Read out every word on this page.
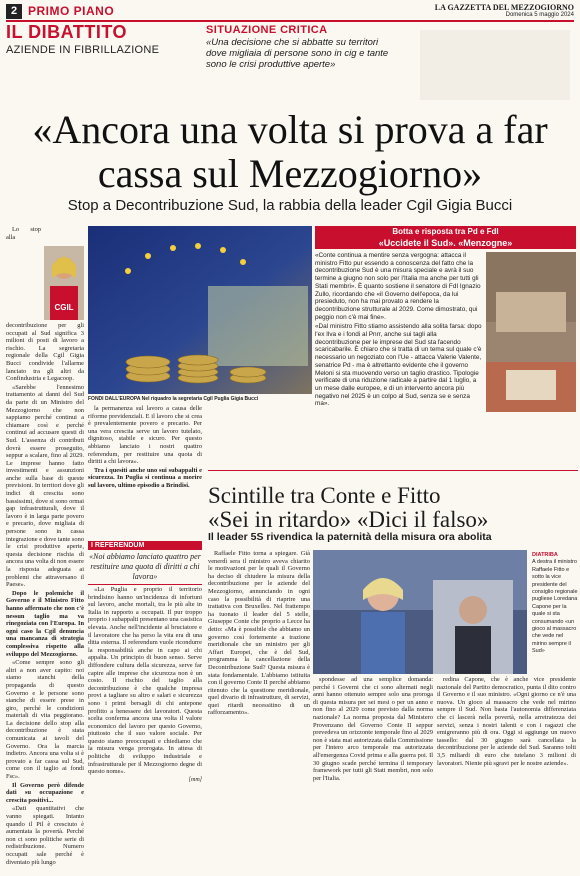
2 PRIMO PIANO	LA GAZZETTA DEL MEZZOGIORNO
Domenica 5 maggio 2024
IL DIBATTITO
AZIENDE IN FIBRILLAZIONE
SITUAZIONE CRITICA
«Una decisione che si abbatte su territori dove migliaia di persone sono in cig e tante sono le crisi produttive aperte»
«Ancora una volta si prova a far cassa sul Mezzogiorno»
Stop a Decontribuzione Sud, la rabbia della leader Cgil Gigia Bucci
CGIL

Lo stop alla decontribuzione per gli occupati al Sud significa 3 milioni di posti di lavoro a rischio. La segretaria regionale della Cgil Gigia Bucci condivide l'allarme lanciato tra gli altri da Confindustria e Legacoop.

«Sarebbe l'ennesimo trattamento ai danni del Sud da parte di un Ministro del Mezzogiorno che non sappiamo perché continui a chiamare così e perché continui ad accusare questi di Sud. L'assenza di contributi dovrà essere proseguito, seppur a scalare, fino al 2029. Le imprese hanno fatto investimenti e assunzioni anche sulla base di queste previsioni. In territori dove gli indici di crescita sono bassissimi, dove si sono ormai gap infrastrutturali, dove il lavoro è in larga parte povero e precario, dove migliaia di persone sono in cassa integrazione e dove tante sono le crisi produttive aperte, questa decisione rischia di ancora una volta di non essere la risposta adeguata ai problemi che attraversano il Paese».

Dopo le polemiche il Governo e il Ministro Fitto hanno affermato che non c'è nessun taglio ma va rinegoziata con l'Europa. In ogni caso la Cgil denuncia una mancanza di strategia complessiva rispetto alla sviluppo del Mezzogiorno.

«Come sempre sono gli altri a non aver capito: noi siamo stanchi della propaganda di questo Governo e le persone sono stanche di essere prese in giro, perché le condizioni materiali di vita peggiorano. La decisione dello stop alla decontribuzione è stata comunicata ai tavoli del Governo. Ora la marcia indietro. Ancora una volta si è provato a far cassa sul Sud, come con il taglio ai fondi Fsc».

Il Governo però difende dati su occupazione e crescita positivi...

«Dati quantitativi che vanno spiegati. Intanto quando il Pil è cresciuto è aumentata la povertà. Perché non ci sono politiche serie di redistribuzione. Numero occupati sale perché è diventato più lungo

FONDI DALL'EUROPA Nel riquadro la segretaria Cgil Puglia Gigia Bucci

la permanenza sul lavoro a causa delle riforme previdenziali. E il lavoro che si crea è prevalentemente povero e precario. Per una vera crescita serve un lavoro tutelato, dignitoso, stabile e sicuro. Per questo abbiamo lanciato i nostri quattro referendum, per restituire una quota di diritti a chi lavora».

Tra i quesiti anche uno sui subappalti e sicurezza. In Puglia si continua a morire sul lavoro, ultimo episodio a Brindisi.

I REFERENDUM
«Noi abbiamo lanciato quattro per restituire una quota di diritti a chi lavora»

«La Puglia e proprio il territorio brindisino hanno un'incidenza di infortuni sul lavoro, anche mortali, tra le più alte in Italia in rapporto a occupati. Il pur troppo proprio i subappalti presentano una casistica elevata. Anche nell'incidente al bruciatore e il lavoratore che ha perso la vita era di una ditta esterna. Il referendum vuole ricondurre la responsabilità anche in capo ai chi appalta. Un principio di buon senso. Serve diffondere cultura della sicurezza, serve far capire alle imprese che sicurezza non è un costo. Il rischio del taglio alla decontribuzione è che qualche impresa provi a tagliare su altro e salari e sicurezza sono i primi bersagli di chi antepone profitto a benessere dei lavoratori. Questa scelta conferma ancora una volta il valore economico del lavoro per questo Governo, piuttosto che il suo valore sociale. Per questo siamo preoccupati e chiediamo che la misura venga prorogata. In attesa di politiche di sviluppo industriale e infrastrutturale per il Mezzogiorno degne di questo nome».

[mm]
Botta e risposta tra Pd e FdI
«Uccidete il Sud». «Menzogne»

«Conte continua a mentire senza vergogna: attacca il ministro Fitto pur essendo a conoscenza del fatto che la decontribuzione Sud è una misura speciale e avrà il suo termine a giugno non solo per l'Italia ma anche per tutti gli Stati membri». È quanto sostiene il senatore di FdI Ignazio Zullo, ricordando che «il Governo dell'epoca, da lui presieduto, non ha mai provato a rendere la decontribuzione strutturale al 2029. Come dimostrato, qui peggio non c'è mai fine».

«Dal ministro Fitto stiamo assistendo alla solita farsa: dopo l'ex Ilva e i fondi al Pnrr, anche sui tagli alla decontribuzione per le imprese del Sud sta facendo scaricabarile. È chiaro che si tratta di un tema sul quale c'è necessario un negoziato con l'Ue - attacca Valerie Valente, senatrice Pd - ma è altrettanto evidente che il governo Meloni si sta muovendo verso un taglio drastico. Tipologie verificate di una riduzione radicale a partire dal 1 luglio, a un mese dalle europee, e di un intervento ancora più negativo nel 2025 è un colpo al Sud, senza se e senza ma».

Scintille tra Conte e Fitto
«Sei in ritardo» «Dici il falso»
Il leader 5S rivendica la paternità della misura ora abolita

Raffaele Fitto torna a spiegare. Già venerdì sera il ministro aveva chiarito le motivazioni per le quali il Governo ha deciso di chiudere la misura della decontribuzione per le aziende del Mezzogiorno, annunciando in ogni caso la possibilità di riaprire una trattativa con Bruxelles. Nel frattempo ha tuonato il leader del 5 stelle, Giuseppe Conte che proprio a Lecce ha detto: «Ma è possibile che abbiamo un governo così fortemente a trazione meridionale che un ministro per gli Affari Europei, che è del Sud, programma la cancellazione della Decontribuzione Sud? Questa misura è stata fondamentale. L'abbiamo istituita con il governo Conte II perché abbiamo ritenuto che la questione meridionale, quel divario di infrastrutture, di servizi, quei ritardi necessitino di un rafforzamento».

DIATRIBA
A destra il ministro Raffaele Fitto e sotto la vice presidente del consiglio regionale pugliese Loredana Capone per la quale si sta consumando «un gioco al massacro che vede nel mirino sempre il Sud»

spondesse ad una semplice domanda: perché i Governi che ci sono alternati negli anni hanno ottenuto sempre solo una proroga di questa misura per sei mesi o per un anno e non fino al 2029 come previsto dalla norma nazionale? La norma proposta dal Ministero Provenzano del Governo Conte II seppur prevedeva un orizzonte temporale fino al 2029 non è stata mai autorizzata dalla Commissione per l'intero arco temporale ma autorizzata all'emergenza Covid prima e alla guerra poi. Il 30 giugno scade perché termina il temporary framework per tutti gli Stati membri, non solo per l'Italia.

redina Capone, che è anche vice presidente nazionale del Partito democratico, punta il dito contro il Governo e il suo ministro. «Ogni giorno ce n'è una nuova. Un gioco al massacro che vede nel mirino sempre il Sud. Non basta l'autonomia differenziata che ci lascerà nella povertà, nella arretratezza dei servizi, senza i nostri talenti e con i ragazzi che emigreranno più di ora. Oggi si aggiunge un nuovo tassello: dal 30 giugno sarà cancellata la decontribuzione per le aziende del Sud. Saranno tolti 3,5 miliardi di euro che tutelano 3 milioni di lavoratori. Niente più sgravi per le nostre aziende».
